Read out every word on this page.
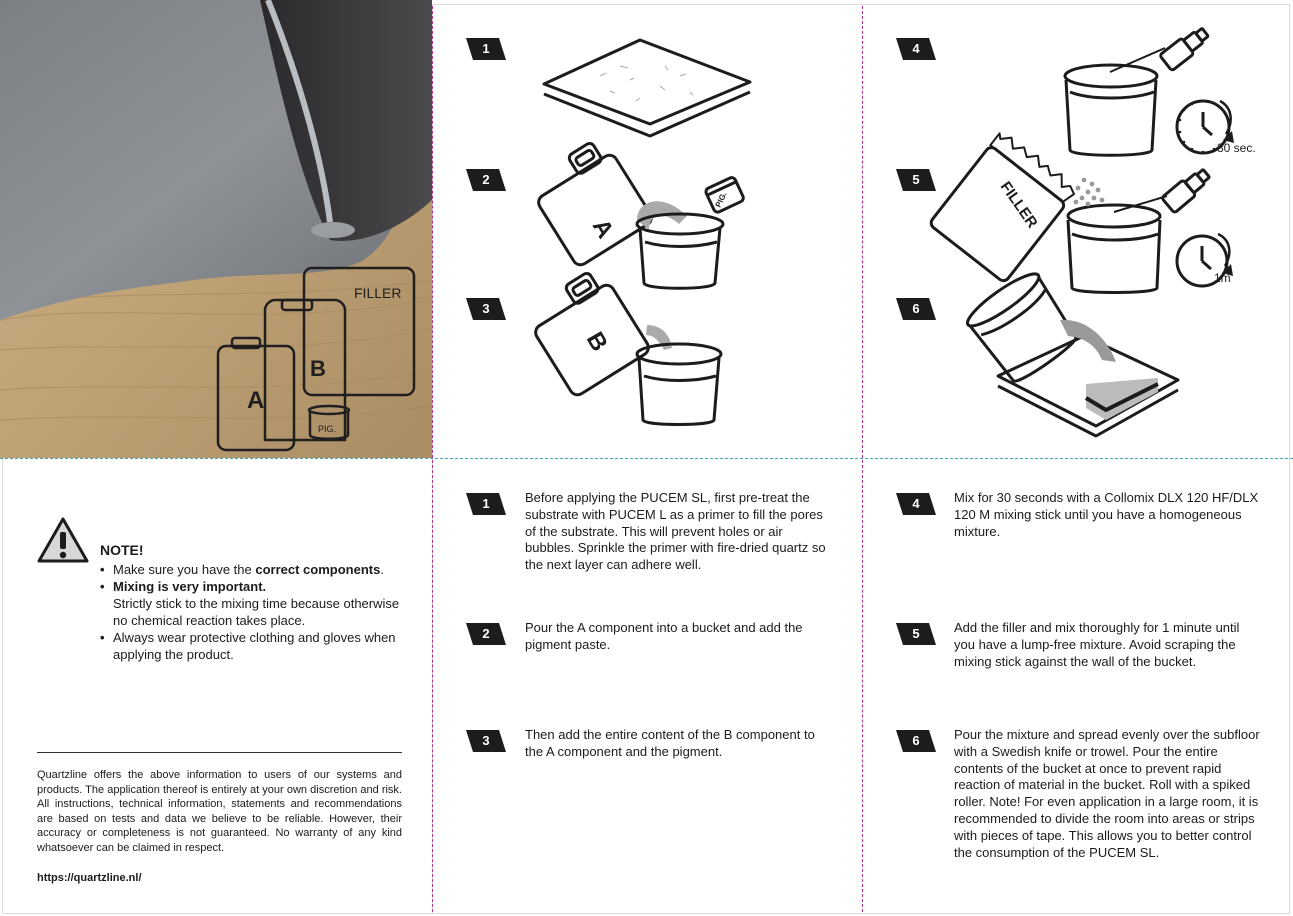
FILLER
B
A
PIG.
1
2
3
A
PIG.
B
4
5
6
30 sec.
FILLER
1m
NOTE!
• Make sure you have the correct components.
• Mixing is very important.
Strictly stick to the mixing time because otherwise no chemical reaction takes place.
• Always wear protective clothing and gloves when applying the product.
Quartzline offers the above information to users of our systems and products. The application thereof is entirely at your own discretion and risk. All instructions, technical information, statements and recommendations are based on tests and data we believe to be reliable. However, their accuracy or completeness is not guaranteed. No warranty of any kind whatsoever can be claimed in respect.
https://quartzline.nl/
1	Before applying the PUCEM SL, first pre-treat the substrate with PUCEM L as a primer to fill the pores of the substrate. This will prevent holes or air bubbles. Sprinkle the primer with fire-dried quartz so the next layer can adhere well.
2	Pour the A component into a bucket and add the pigment paste.
3	Then add the entire content of the B component to the A component and the pigment.
4	Mix for 30 seconds with a Collomix DLX 120 HF/DLX 120 M mixing stick until you have a homogeneous mixture.
5	Add the filler and mix thoroughly for 1 minute until you have a lump-free mixture. Avoid scraping the mixing stick against the wall of the bucket.
6	Pour the mixture and spread evenly over the subfloor with a Swedish knife or trowel. Pour the entire contents of the bucket at once to prevent rapid reaction of material in the bucket. Roll with a spiked roller. Note! For even application in a large room, it is recommended to divide the room into areas or strips with pieces of tape. This allows you to better control the consumption of the PUCEM SL.
